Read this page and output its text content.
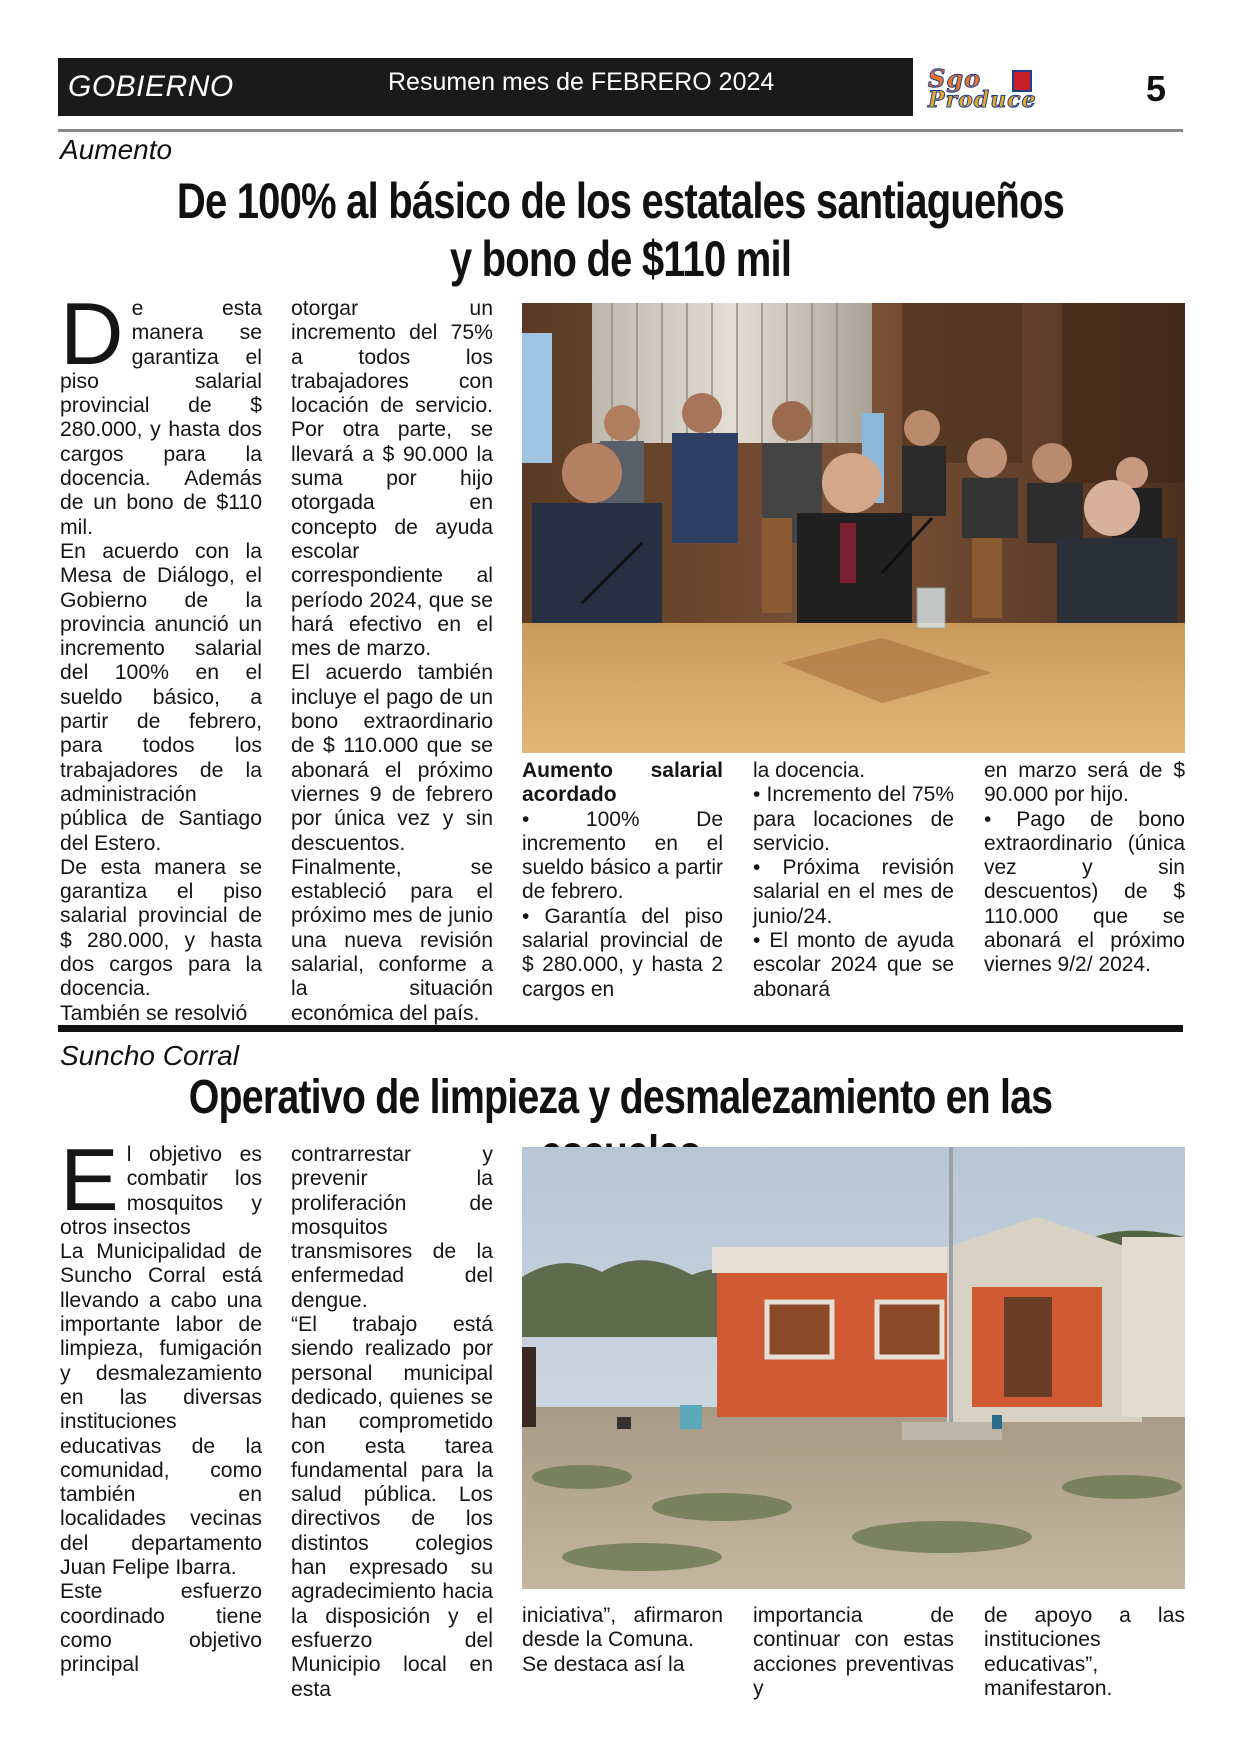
GOBIERNO	Resumen mes de FEBRERO 2024	Sgo
Produce	5
Aumento
De 100% al básico de los estatales santiagueños
y bono de $110 mil

De esta manera se garantiza el piso salarial provincial de $ 280.000, y hasta dos cargos para la docencia. Además de un bono de $110 mil.

En acuerdo con la Mesa de Diálogo, el Gobierno de la provincia anunció un incremento salarial del 100% en el sueldo básico, a partir de febrero, para todos los trabajadores de la administración pública de Santiago del Estero.

De esta manera se garantiza el piso salarial provincial de $ 280.000, y hasta dos cargos para la docencia.

También se resolvió

otorgar un incremento del 75% a todos los trabajadores con locación de servicio. Por otra parte, se llevará a $ 90.000 la suma por hijo otorgada en concepto de ayuda escolar correspondiente al período 2024, que se hará efectivo en el mes de marzo.

El acuerdo también incluye el pago de un bono extraordinario de $ 110.000 que se abonará el próximo viernes 9 de febrero por única vez y sin descuentos.

Finalmente, se estableció para el próximo mes de junio una nueva revisión salarial, conforme a la situación económica del país.

Aumento salarial acordado

• 100% De incremento en el sueldo básico a partir de febrero.

• Garantía del piso salarial provincial de $ 280.000, y hasta 2 cargos en

la docencia.

• Incremento del 75% para locaciones de servicio.

• Próxima revisión salarial en el mes de junio/24.

• El monto de ayuda escolar 2024 que se abonará

en marzo será de $ 90.000 por hijo.

• Pago de bono extraordinario (única vez y sin descuentos) de $ 110.000 que se abonará el próximo viernes 9/2/ 2024.

Suncho Corral
Operativo de limpieza y desmalezamiento en las

El objetivo es combatir los mosquitos y otros insectos

La Municipalidad de Suncho Corral está llevando a cabo una importante labor de limpieza, fumigación y desmalezamiento en las diversas instituciones educativas de la comunidad, como también en localidades vecinas del departamento Juan Felipe Ibarra.

Este esfuerzo coordinado tiene como objetivo principal

contrarrestar y prevenir la proliferación de mosquitos transmisores de la enfermedad del dengue.

“El trabajo está siendo realizado por personal municipal dedicado, quienes se han comprometido con esta tarea fundamental para la salud pública. Los directivos de los distintos colegios han expresado su agradecimiento hacia la disposición y el esfuerzo del Municipio local en esta

iniciativa”, afirmaron desde la Comuna.

Se destaca así la

importancia de continuar con estas acciones preventivas y

de apoyo a las instituciones educativas”, manifestaron.
